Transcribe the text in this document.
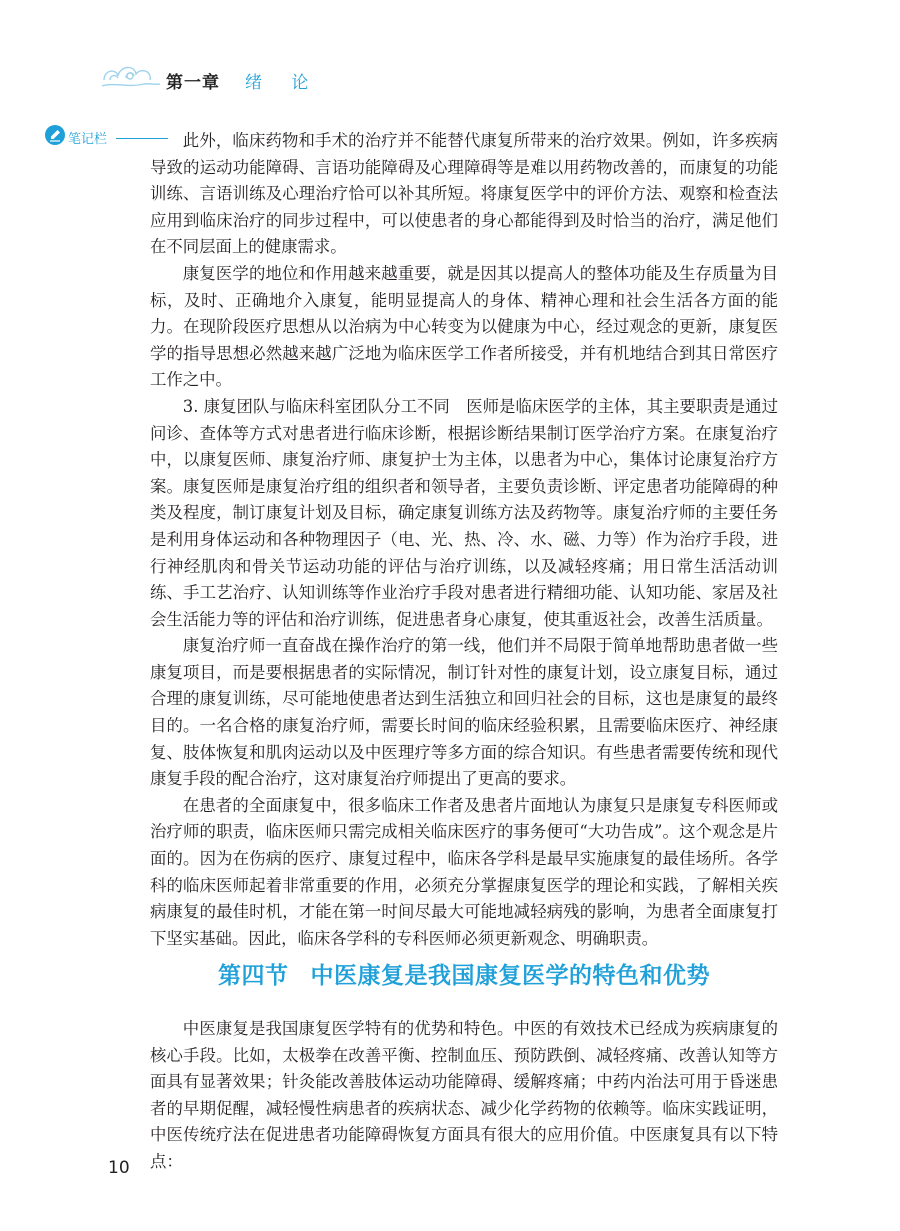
第一章 绪 论
笔记栏	此外，临床药物和手术的治疗并不能替代康复所带来的治疗效果。例如，许多疾病导致的运动功能障碍、言语功能障碍及心理障碍等是难以用药物改善的，而康复的功能训练、言语训练及心理治疗恰可以补其所短。将康复医学中的评价方法、观察和检查法应用到临床治疗的同步过程中，可以使患者的身心都能得到及时恰当的治疗，满足他们在不同层面上的健康需求。

康复医学的地位和作用越来越重要，就是因其以提高人的整体功能及生存质量为目标，及时、正确地介入康复，能明显提高人的身体、精神心理和社会生活各方面的能力。在现阶段医疗思想从以治病为中心转变为以健康为中心，经过观念的更新，康复医学的指导思想必然越来越广泛地为临床医学工作者所接受，并有机地结合到其日常医疗工作之中。

3. 康复团队与临床科室团队分工不同　医师是临床医学的主体，其主要职责是通过问诊、查体等方式对患者进行临床诊断，根据诊断结果制订医学治疗方案。在康复治疗中，以康复医师、康复治疗师、康复护士为主体，以患者为中心，集体讨论康复治疗方案。康复医师是康复治疗组的组织者和领导者，主要负责诊断、评定患者功能障碍的种类及程度，制订康复计划及目标，确定康复训练方法及药物等。康复治疗师的主要任务是利用身体运动和各种物理因子（电、光、热、冷、水、磁、力等）作为治疗手段，进行神经肌肉和骨关节运动功能的评估与治疗训练，以及减轻疼痛；用日常生活活动训练、手工艺治疗、认知训练等作业治疗手段对患者进行精细功能、认知功能、家居及社会生活能力等的评估和治疗训练，促进患者身心康复，使其重返社会，改善生活质量。

康复治疗师一直奋战在操作治疗的第一线，他们并不局限于简单地帮助患者做一些康复项目，而是要根据患者的实际情况，制订针对性的康复计划，设立康复目标，通过合理的康复训练，尽可能地使患者达到生活独立和回归社会的目标，这也是康复的最终目的。一名合格的康复治疗师，需要长时间的临床经验积累，且需要临床医疗、神经康复、肢体恢复和肌肉运动以及中医理疗等多方面的综合知识。有些患者需要传统和现代康复手段的配合治疗，这对康复治疗师提出了更高的要求。

在患者的全面康复中，很多临床工作者及患者片面地认为康复只是康复专科医师或治疗师的职责，临床医师只需完成相关临床医疗的事务便可“大功告成”。这个观念是片面的。因为在伤病的医疗、康复过程中，临床各学科是最早实施康复的最佳场所。各学科的临床医师起着非常重要的作用，必须充分掌握康复医学的理论和实践，了解相关疾病康复的最佳时机，才能在第一时间尽最大可能地减轻病残的影响，为患者全面康复打下坚实基础。因此，临床各学科的专科医师必须更新观念、明确职责。

第四节 中医康复是我国康复医学的特色和优势

中医康复是我国康复医学特有的优势和特色。中医的有效技术已经成为疾病康复的核心手段。比如，太极拳在改善平衡、控制血压、预防跌倒、减轻疼痛、改善认知等方面具有显著效果；针灸能改善肢体运动功能障碍、缓解疼痛；中药内治法可用于昏迷患者的早期促醒，减轻慢性病患者的疾病状态、减少化学药物的依赖等。临床实践证明，中医传统疗法在促进患者功能障碍恢复方面具有很大的应用价值。中医康复具有以下特点：

10
